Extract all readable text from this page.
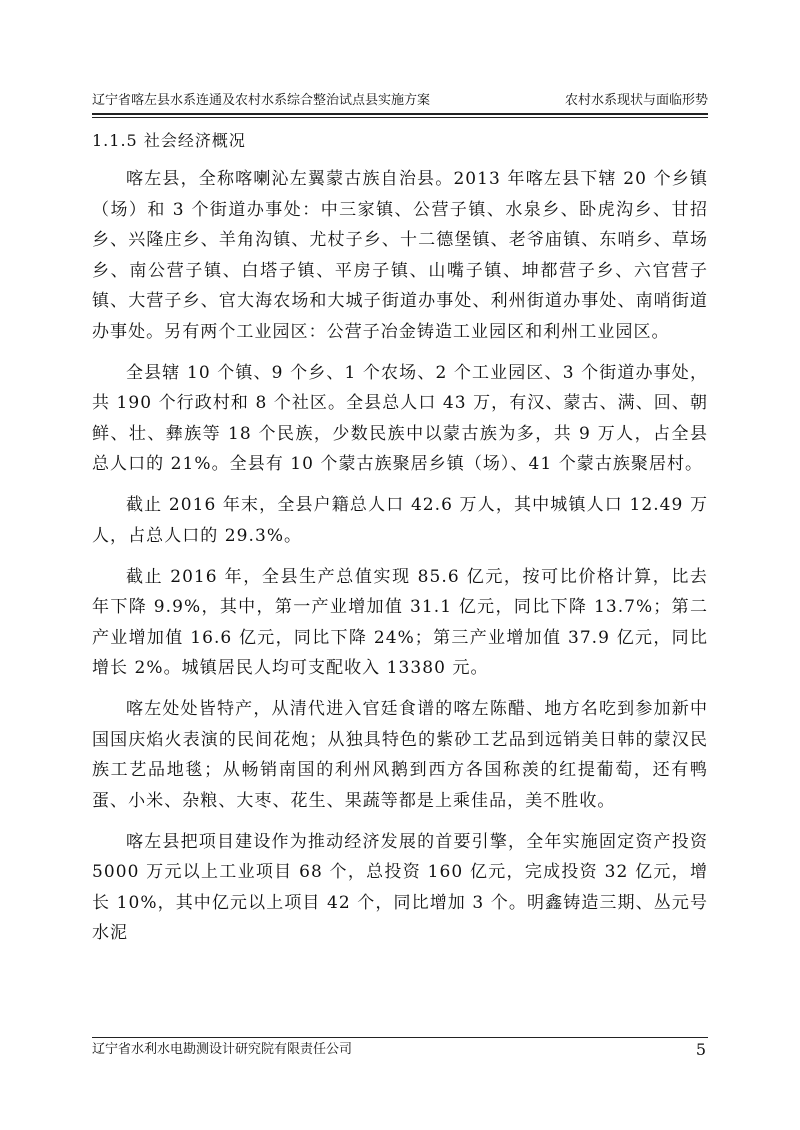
辽宁省喀左县水系连通及农村水系综合整治试点县实施方案	农村水系现状与面临形势
1.1.5 社会经济概况

喀左县，全称喀喇沁左翼蒙古族自治县。2013 年喀左县下辖 20 个乡镇（场）和 3 个街道办事处：中三家镇、公营子镇、水泉乡、卧虎沟乡、甘招乡、兴隆庄乡、羊角沟镇、尤杖子乡、十二德堡镇、老爷庙镇、东哨乡、草场乡、南公营子镇、白塔子镇、平房子镇、山嘴子镇、坤都营子乡、六官营子镇、大营子乡、官大海农场和大城子街道办事处、利州街道办事处、南哨街道办事处。另有两个工业园区：公营子冶金铸造工业园区和利州工业园区。

全县辖 10 个镇、9 个乡、1 个农场、2 个工业园区、3 个街道办事处，共 190 个行政村和 8 个社区。全县总人口 43 万，有汉、蒙古、满、回、朝鲜、壮、彝族等 18 个民族，少数民族中以蒙古族为多，共 9 万人，占全县总人口的 21%。全县有 10 个蒙古族聚居乡镇（场）、41 个蒙古族聚居村。

截止 2016 年末，全县户籍总人口 42.6 万人，其中城镇人口 12.49 万人，占总人口的 29.3%。

截止 2016 年，全县生产总值实现 85.6 亿元，按可比价格计算，比去年下降 9.9%，其中，第一产业增加值 31.1 亿元，同比下降 13.7%；第二产业增加值 16.6 亿元，同比下降 24%；第三产业增加值 37.9 亿元，同比增长 2%。城镇居民人均可支配收入 13380 元。

喀左处处皆特产，从清代进入官廷食谱的喀左陈醋、地方名吃到参加新中国国庆焰火表演的民间花炮；从独具特色的紫砂工艺品到远销美日韩的蒙汉民族工艺品地毯；从畅销南国的利州风鹅到西方各国称羡的红提葡萄，还有鸭蛋、小米、杂粮、大枣、花生、果蔬等都是上乘佳品，美不胜收。

喀左县把项目建设作为推动经济发展的首要引擎，全年实施固定资产投资 5000 万元以上工业项目 68 个，总投资 160 亿元，完成投资 32 亿元，增长 10%，其中亿元以上项目 42 个，同比增加 3 个。明鑫铸造三期、丛元号水泥

辽宁省水利水电勘测设计研究院有限责任公司	5
